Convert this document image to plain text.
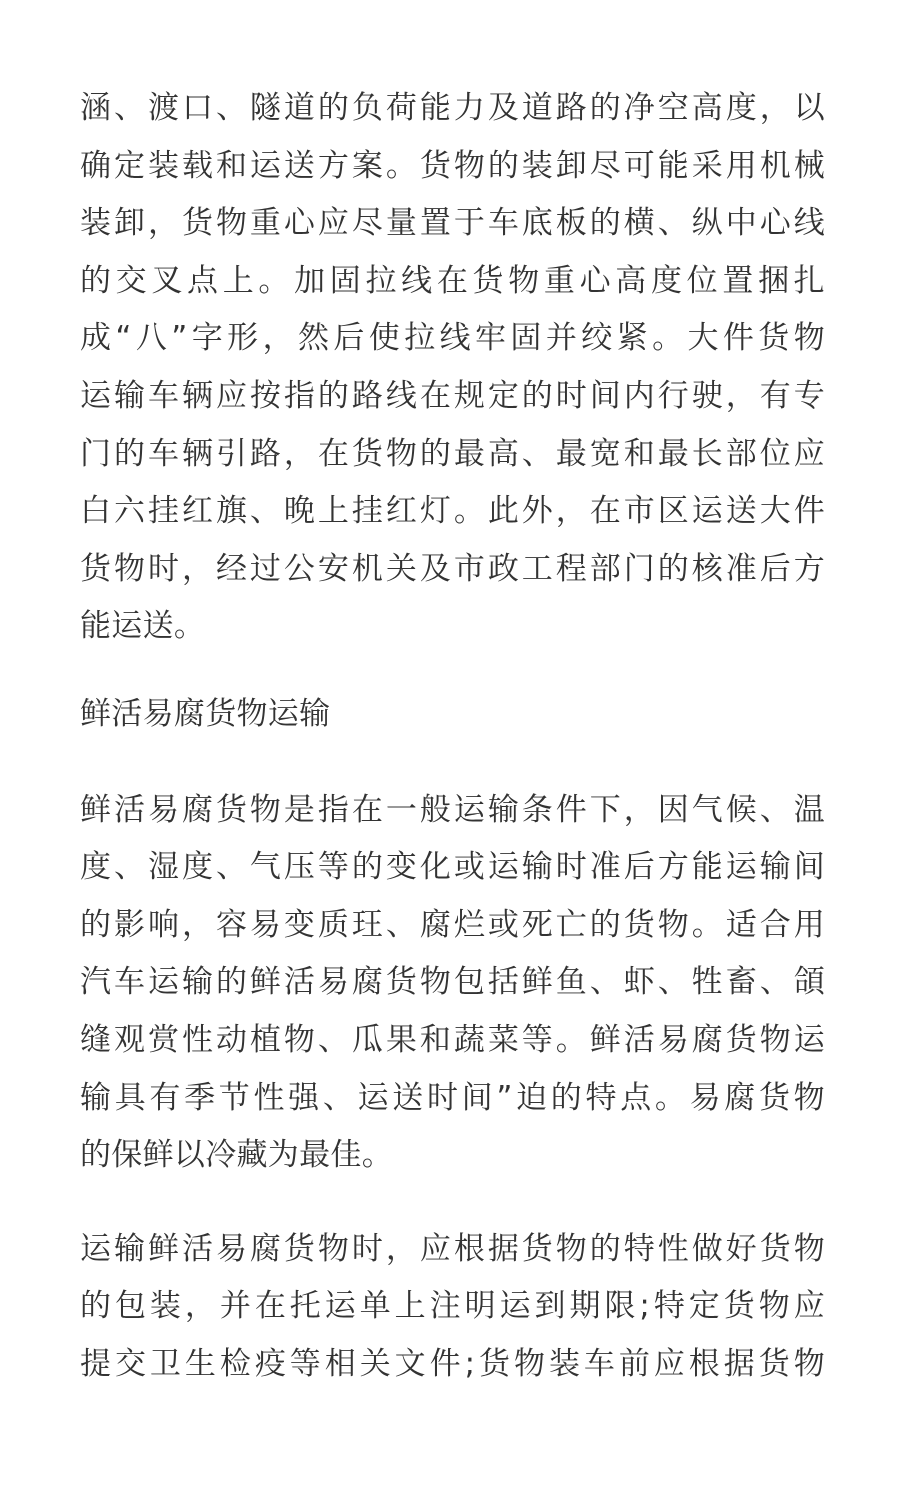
涵、渡口、隧道的负荷能力及道路的净空高度，以
确定装载和运送方案。货物的装卸尽可能采用机械
装卸，货物重心应尽量置于车底板的横、纵中心线
的交叉点上。加固拉线在货物重心高度位置捆扎
成“八”字形，然后使拉线牢固并绞紧。大件货物
运输车辆应按指的路线在规定的时间内行驶，有专
门的车辆引路，在货物的最高、最宽和最长部位应
白六挂红旗、晚上挂红灯。此外，在市区运送大件
货物时，经过公安机关及市政工程部门的核准后方
能运送。
鲜活易腐货物运输
鲜活易腐货物是指在一般运输条件下，因气候、温
度、湿度、气压等的变化或运输时准后方能运输间
的影响，容易变质玨、腐烂或死亡的货物。适合用
汽车运输的鲜活易腐货物包括鲜鱼、虾、牲畜、頜
缝观赏性动植物、瓜果和蔬菜等。鲜活易腐货物运
输具有季节性强、运送时间”迫的特点。易腐货物
的保鲜以冷藏为最佳。
运输鲜活易腐货物时，应根据货物的特性做好货物
的包装，并在托运单上注明运到期限;特定货物应
提交卫生检疫等相关文件;货物装车前应根据货物
